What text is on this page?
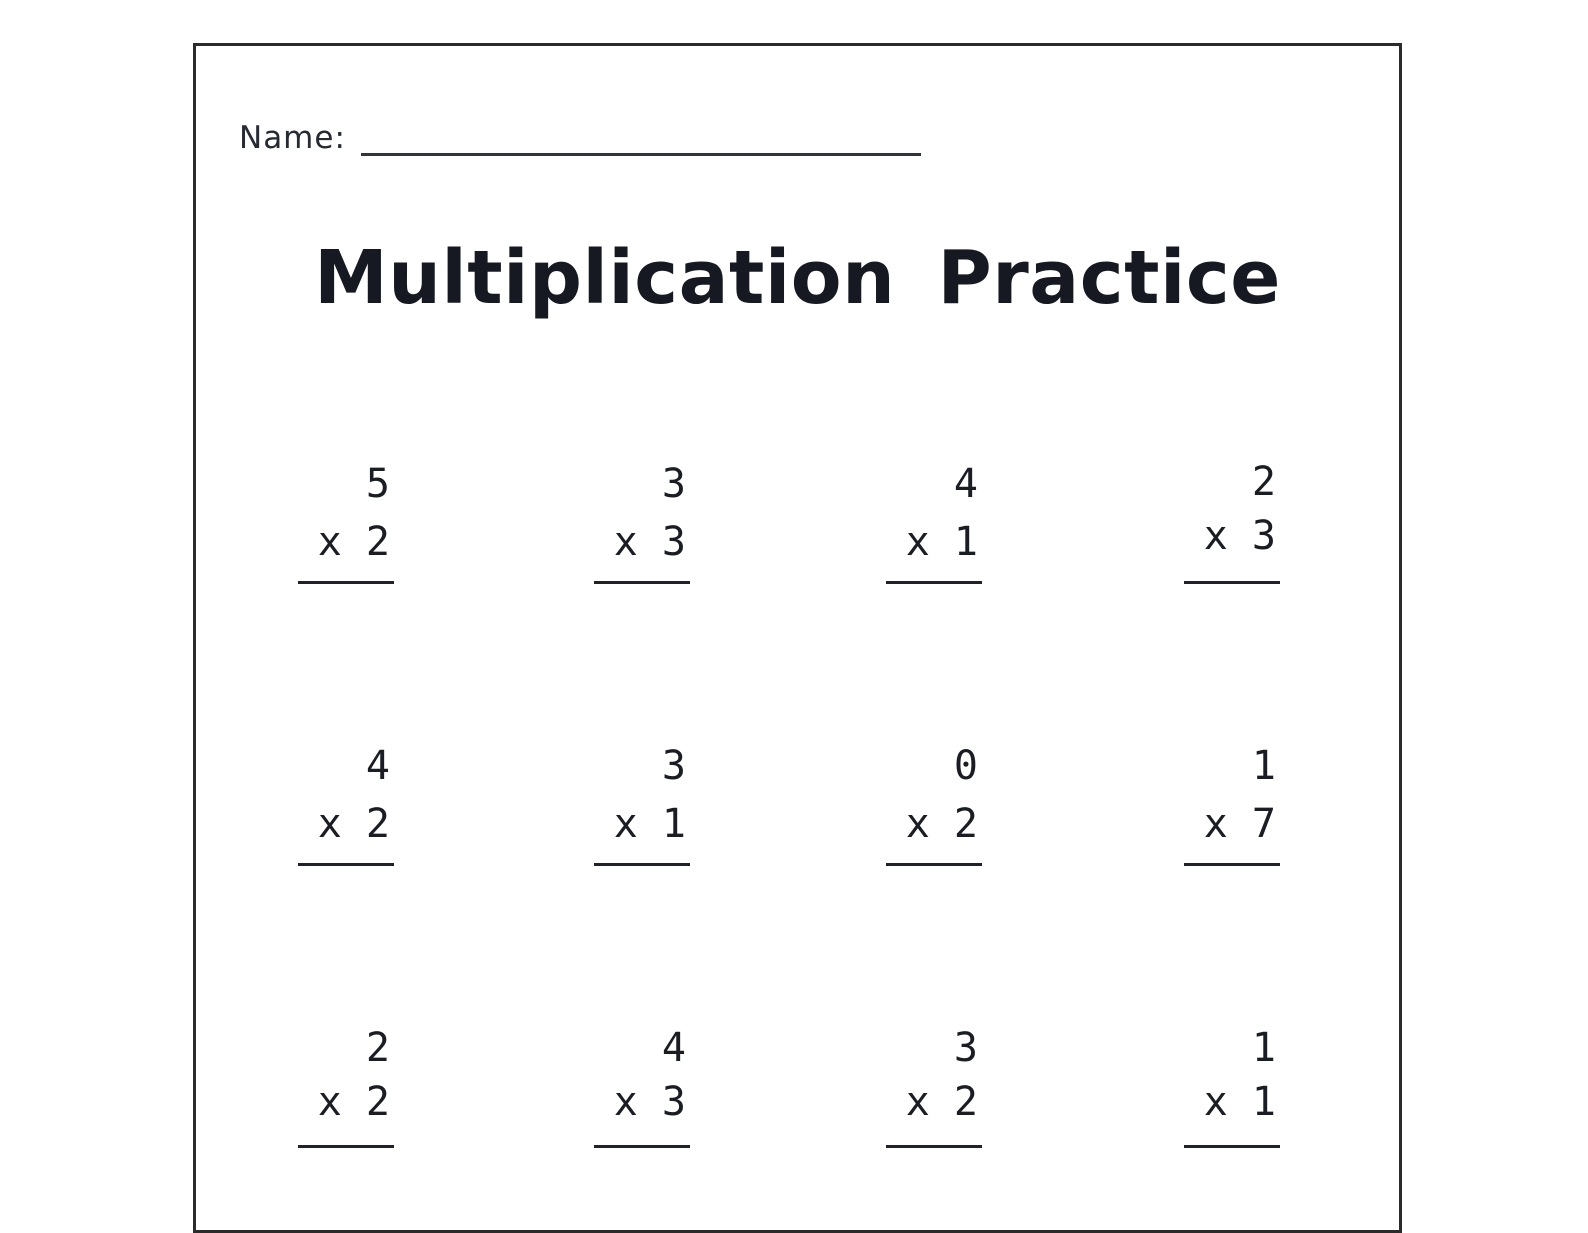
Name:
Multiplication Practice
5
x 2
3
x 3
4
x 1
2
x 3
4
x 2
3
x 1
0
x 2
1
x 7
2
x 2
4
x 3
3
x 2
1
x 1
